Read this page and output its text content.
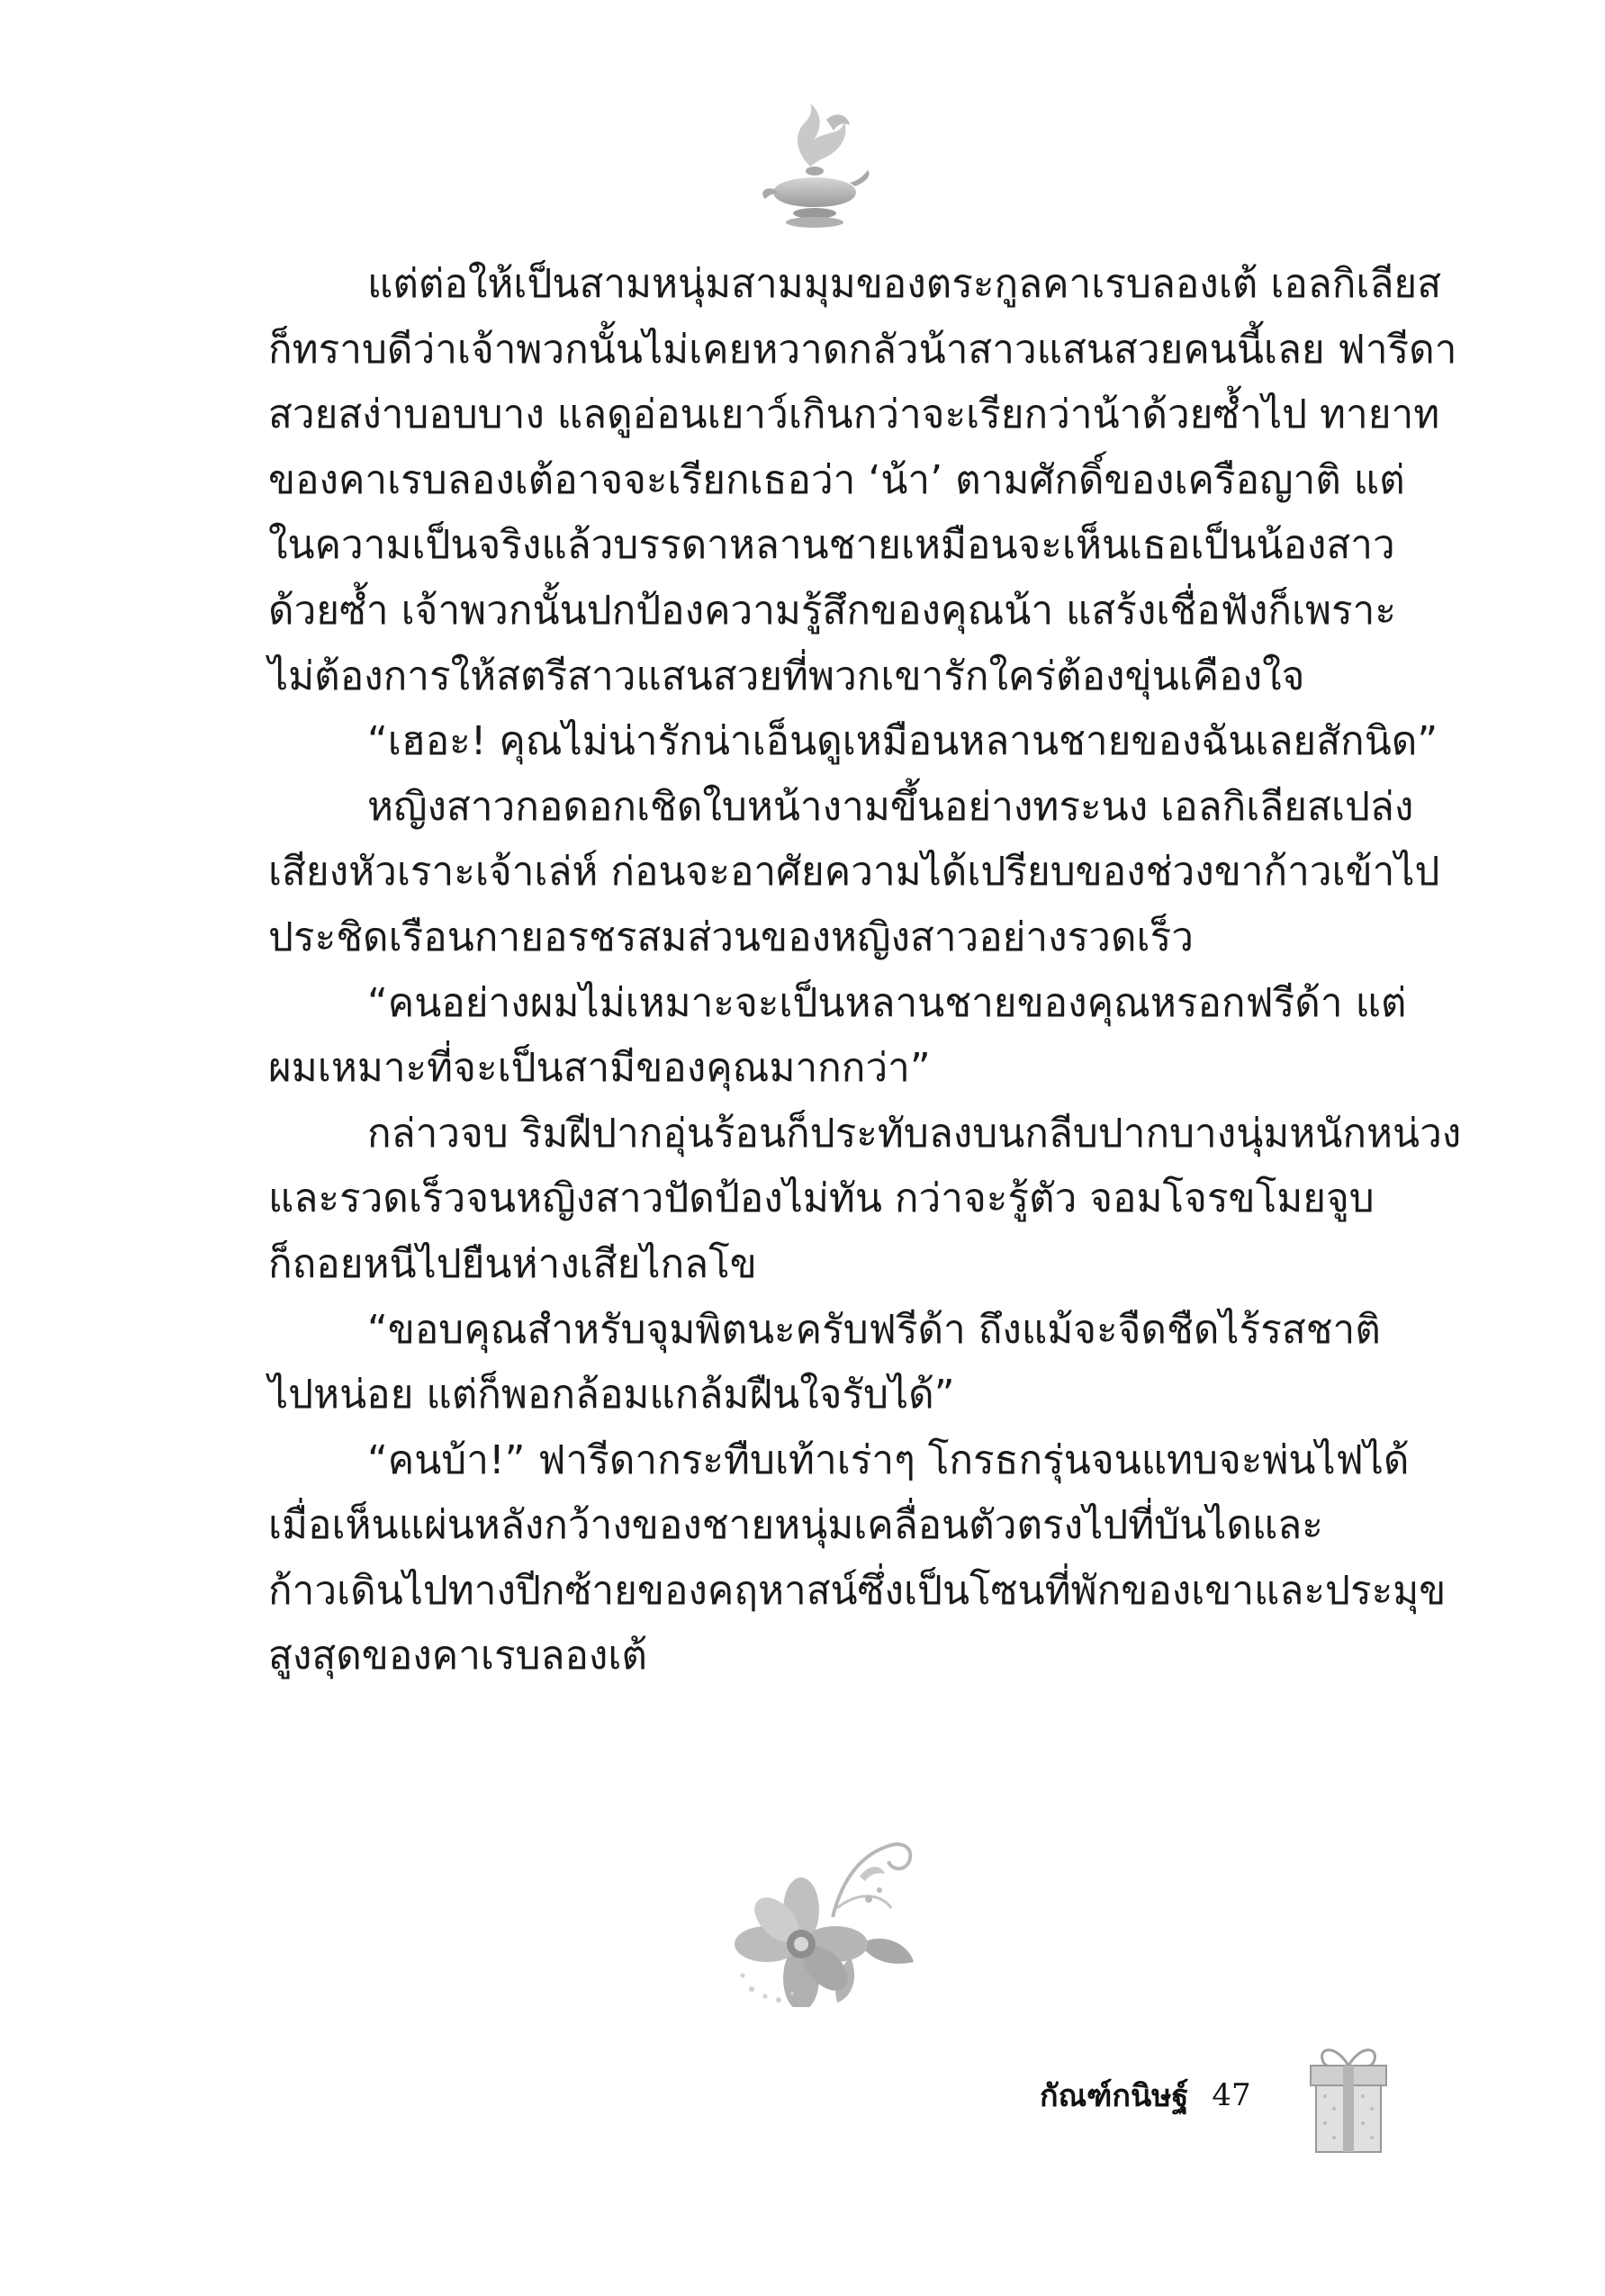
แต่ต่อให้เป็นสามหนุ่มสามมุมของตระกูลคาเรบลองเต้ เอลกิเลียส
ก็ทราบดีว่าเจ้าพวกนั้นไม่เคยหวาดกลัวน้าสาวแสนสวยคนนี้เลย ฟารีดา
สวยสง่าบอบบาง แลดูอ่อนเยาว์เกินกว่าจะเรียกว่าน้าด้วยซ้ำไป ทายาท
ของคาเรบลองเต้อาจจะเรียกเธอว่า ‘น้า’ ตามศักดิ์ของเครือญาติ แต่
ในความเป็นจริงแล้วบรรดาหลานชายเหมือนจะเห็นเธอเป็นน้องสาว
ด้วยซ้ำ เจ้าพวกนั้นปกป้องความรู้สึกของคุณน้า แสร้งเชื่อฟังก็เพราะ
ไม่ต้องการให้สตรีสาวแสนสวยที่พวกเขารักใคร่ต้องขุ่นเคืองใจ
“เฮอะ! คุณไม่น่ารักน่าเอ็นดูเหมือนหลานชายของฉันเลยสักนิด”
หญิงสาวกอดอกเชิดใบหน้างามขึ้นอย่างทระนง เอลกิเลียสเปล่ง
เสียงหัวเราะเจ้าเล่ห์ ก่อนจะอาศัยความได้เปรียบของช่วงขาก้าวเข้าไป
ประชิดเรือนกายอรชรสมส่วนของหญิงสาวอย่างรวดเร็ว
“คนอย่างผมไม่เหมาะจะเป็นหลานชายของคุณหรอกฟรีด้า แต่
ผมเหมาะที่จะเป็นสามีของคุณมากกว่า”
กล่าวจบ ริมฝีปากอุ่นร้อนก็ประทับลงบนกลีบปากบางนุ่มหนักหน่วง
และรวดเร็วจนหญิงสาวปัดป้องไม่ทัน กว่าจะรู้ตัว จอมโจรขโมยจูบ
ก็ถอยหนีไปยืนห่างเสียไกลโข
“ขอบคุณสำหรับจุมพิตนะครับฟรีด้า ถึงแม้จะจืดชืดไร้รสชาติ
ไปหน่อย แต่ก็พอกล้อมแกล้มฝืนใจรับได้”
“คนบ้า!” ฟารีดากระทืบเท้าเร่าๆ โกรธกรุ่นจนแทบจะพ่นไฟได้
เมื่อเห็นแผ่นหลังกว้างของชายหนุ่มเคลื่อนตัวตรงไปที่บันไดและ
ก้าวเดินไปทางปีกซ้ายของคฤหาสน์ซึ่งเป็นโซนที่พักของเขาและประมุข
สูงสุดของคาเรบลองเต้
กัณฑ์กนิษฐ์ 47
